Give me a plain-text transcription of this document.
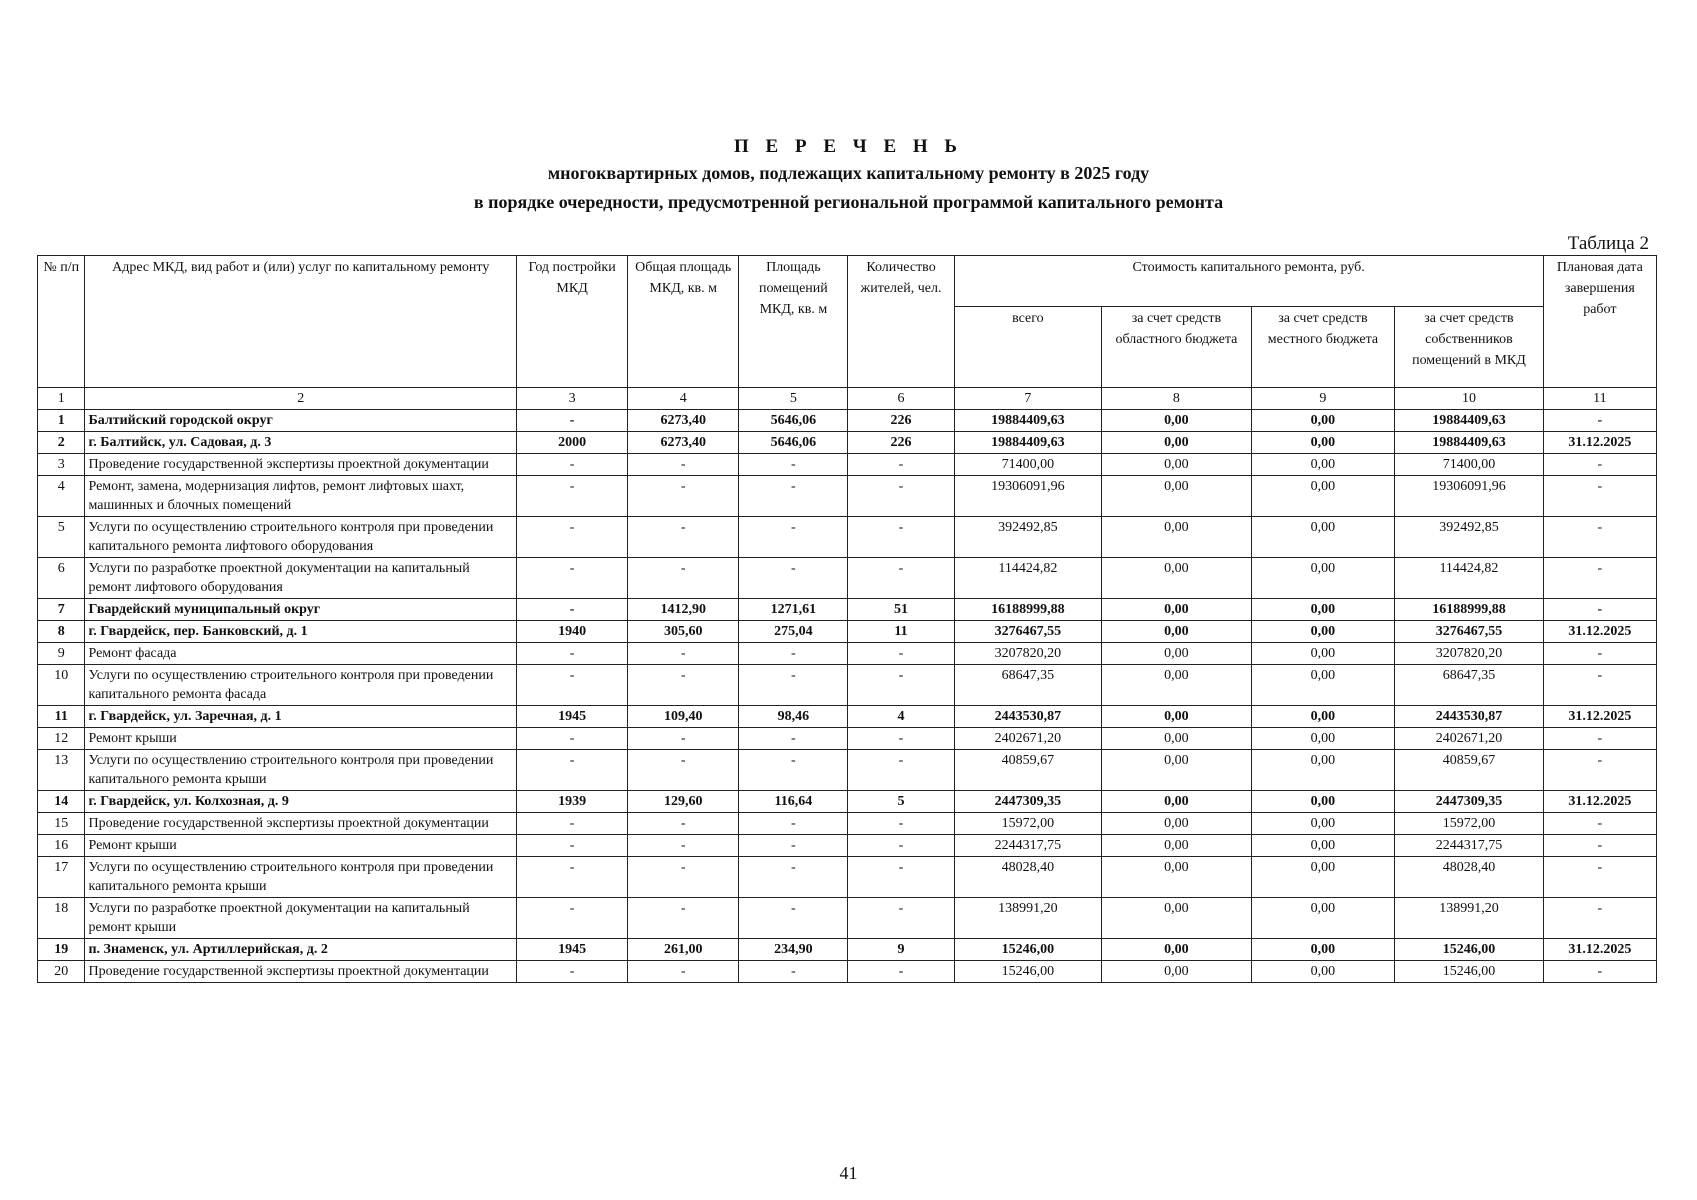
П Е Р Е Ч Е Н Ь
многоквартирных домов, подлежащих капитальному ремонту в 2025 году
в порядке очередности, предусмотренной региональной программой капитального ремонта
Таблица 2
№ п/п	Адрес МКД, вид работ и (или) услуг по капитальному ремонту	Год постройки МКД	Общая площадь МКД, кв. м	Площадь помещений МКД, кв. м	Количество жителей, чел.	Стоимость капитального ремонта, руб.				Плановая дата завершения работ
						всего	за счет средств областного бюджета	за счет средств местного бюджета	за счет средств собственников помещений в МКД	
1	2	3	4	5	6	7	8	9	10	11
1	Балтийский городской округ	-	6273,40	5646,06	226	19884409,63	0,00	0,00	19884409,63	-
2	г. Балтийск, ул. Садовая, д. 3	2000	6273,40	5646,06	226	19884409,63	0,00	0,00	19884409,63	31.12.2025
3	Проведение государственной экспертизы проектной документации	-	-	-	-	71400,00	0,00	0,00	71400,00	-
4	Ремонт, замена, модернизация лифтов, ремонт лифтовых шахт, машинных и блочных помещений	-	-	-	-	19306091,96	0,00	0,00	19306091,96	-
5	Услуги по осуществлению строительного контроля при проведении капитального ремонта лифтового оборудования	-	-	-	-	392492,85	0,00	0,00	392492,85	-
6	Услуги по разработке проектной документации на капитальный ремонт лифтового оборудования	-	-	-	-	114424,82	0,00	0,00	114424,82	-
7	Гвардейский муниципальный округ	-	1412,90	1271,61	51	16188999,88	0,00	0,00	16188999,88	-
8	г. Гвардейск, пер. Банковский, д. 1	1940	305,60	275,04	11	3276467,55	0,00	0,00	3276467,55	31.12.2025
9	Ремонт фасада	-	-	-	-	3207820,20	0,00	0,00	3207820,20	-
10	Услуги по осуществлению строительного контроля при проведении капитального ремонта фасада	-	-	-	-	68647,35	0,00	0,00	68647,35	-
11	г. Гвардейск, ул. Заречная, д. 1	1945	109,40	98,46	4	2443530,87	0,00	0,00	2443530,87	31.12.2025
12	Ремонт крыши	-	-	-	-	2402671,20	0,00	0,00	2402671,20	-
13	Услуги по осуществлению строительного контроля при проведении капитального ремонта крыши	-	-	-	-	40859,67	0,00	0,00	40859,67	-
14	г. Гвардейск, ул. Колхозная, д. 9	1939	129,60	116,64	5	2447309,35	0,00	0,00	2447309,35	31.12.2025
15	Проведение государственной экспертизы проектной документации	-	-	-	-	15972,00	0,00	0,00	15972,00	-
16	Ремонт крыши	-	-	-	-	2244317,75	0,00	0,00	2244317,75	-
17	Услуги по осуществлению строительного контроля при проведении капитального ремонта крыши	-	-	-	-	48028,40	0,00	0,00	48028,40	-
18	Услуги по разработке проектной документации на капитальный ремонт крыши	-	-	-	-	138991,20	0,00	0,00	138991,20	-
19	п. Знаменск, ул. Артиллерийская, д. 2	1945	261,00	234,90	9	15246,00	0,00	0,00	15246,00	31.12.2025
20	Проведение государственной экспертизы проектной документации	-	-	-	-	15246,00	0,00	0,00	15246,00	-
41
